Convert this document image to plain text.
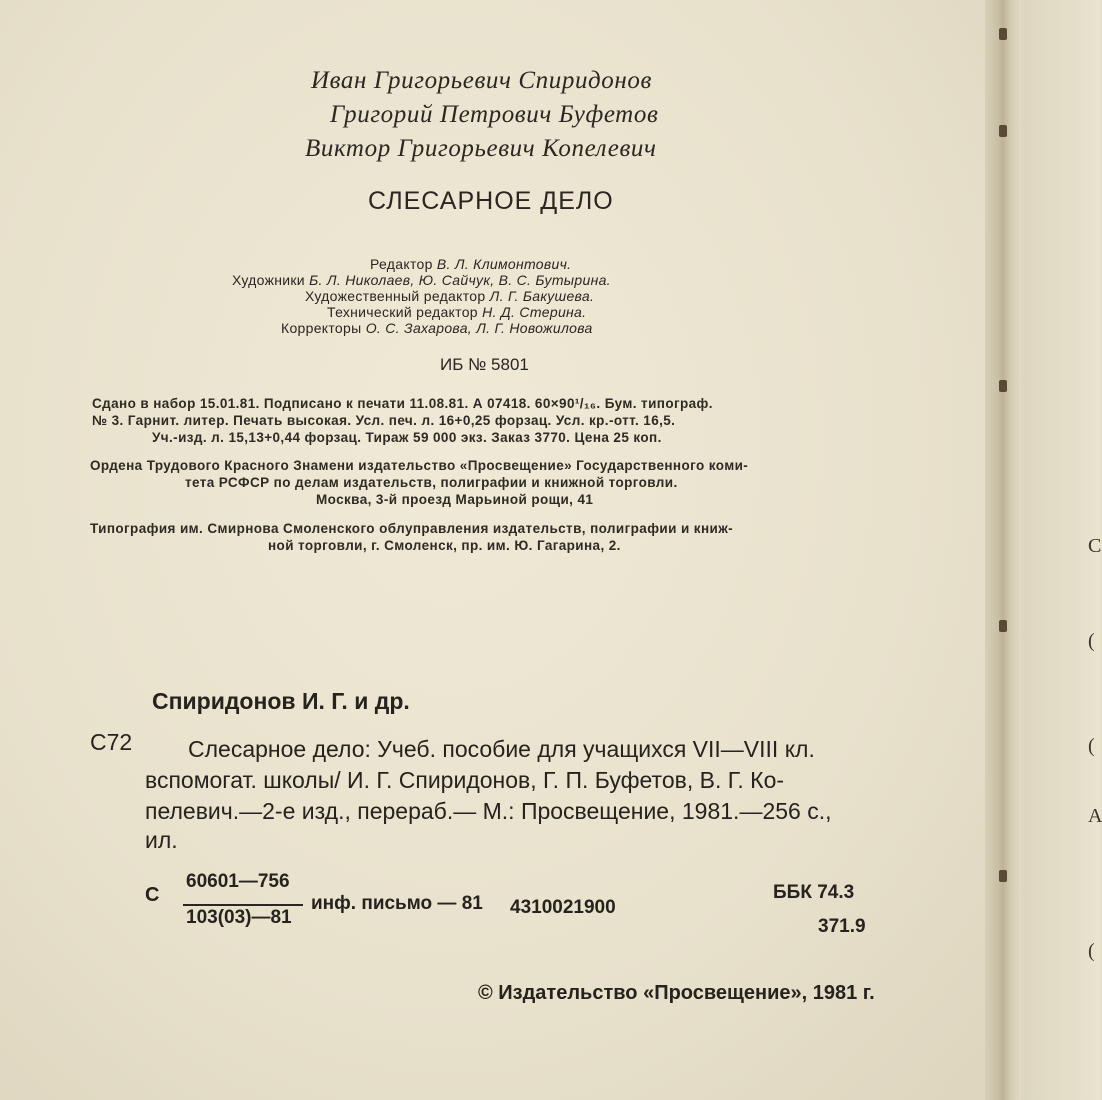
С
(
(
А
(
Иван Григорьевич Спиридонов
Григорий Петрович Буфетов
Виктор Григорьевич Копелевич
СЛЕСАРНОЕ ДЕЛО
Редактор В. Л. Климонтович.
Художники Б. Л. Николаев, Ю. Сайчук, В. С. Бутырина.
Художественный редактор Л. Г. Бакушева.
Технический редактор Н. Д. Стерина.
Корректоры О. С. Захарова, Л. Г. Новожилова
ИБ № 5801
Сдано в набор 15.01.81. Подписано к печати 11.08.81. А 07418. 60×90¹/₁₆. Бум. типограф.
№ 3. Гарнит. литер. Печать высокая. Усл. печ. л. 16+0,25 форзац. Усл. кр.-отт. 16,5.
Уч.-изд. л. 15,13+0,44 форзац. Тираж 59 000 экз. Заказ 3770. Цена 25 коп.
Ордена Трудового Красного Знамени издательство «Просвещение» Государственного коми-
тета РСФСР по делам издательств, полиграфии и книжной торговли.
Москва, 3-й проезд Марьиной рощи, 41
Типография им. Смирнова Смоленского облуправления издательств, полиграфии и книж-
ной торговли, г. Смоленск, пр. им. Ю. Гагарина, 2.
Спиридонов И. Г. и др.
С72 Слесарное дело: Учеб. пособие для учащихся VII—VIII кл.
вспомогат. школы/ И. Г. Спиридонов, Г. П. Буфетов, В. Г. Ко-
пелевич.—2-е изд., перераб.— М.: Просвещение, 1981.—256 с.,
ил.
С
60601—756
103(03)—81
инф. письмо — 81 4310021900
ББК 74.3
371.9
© Издательство «Просвещение», 1981 г.
